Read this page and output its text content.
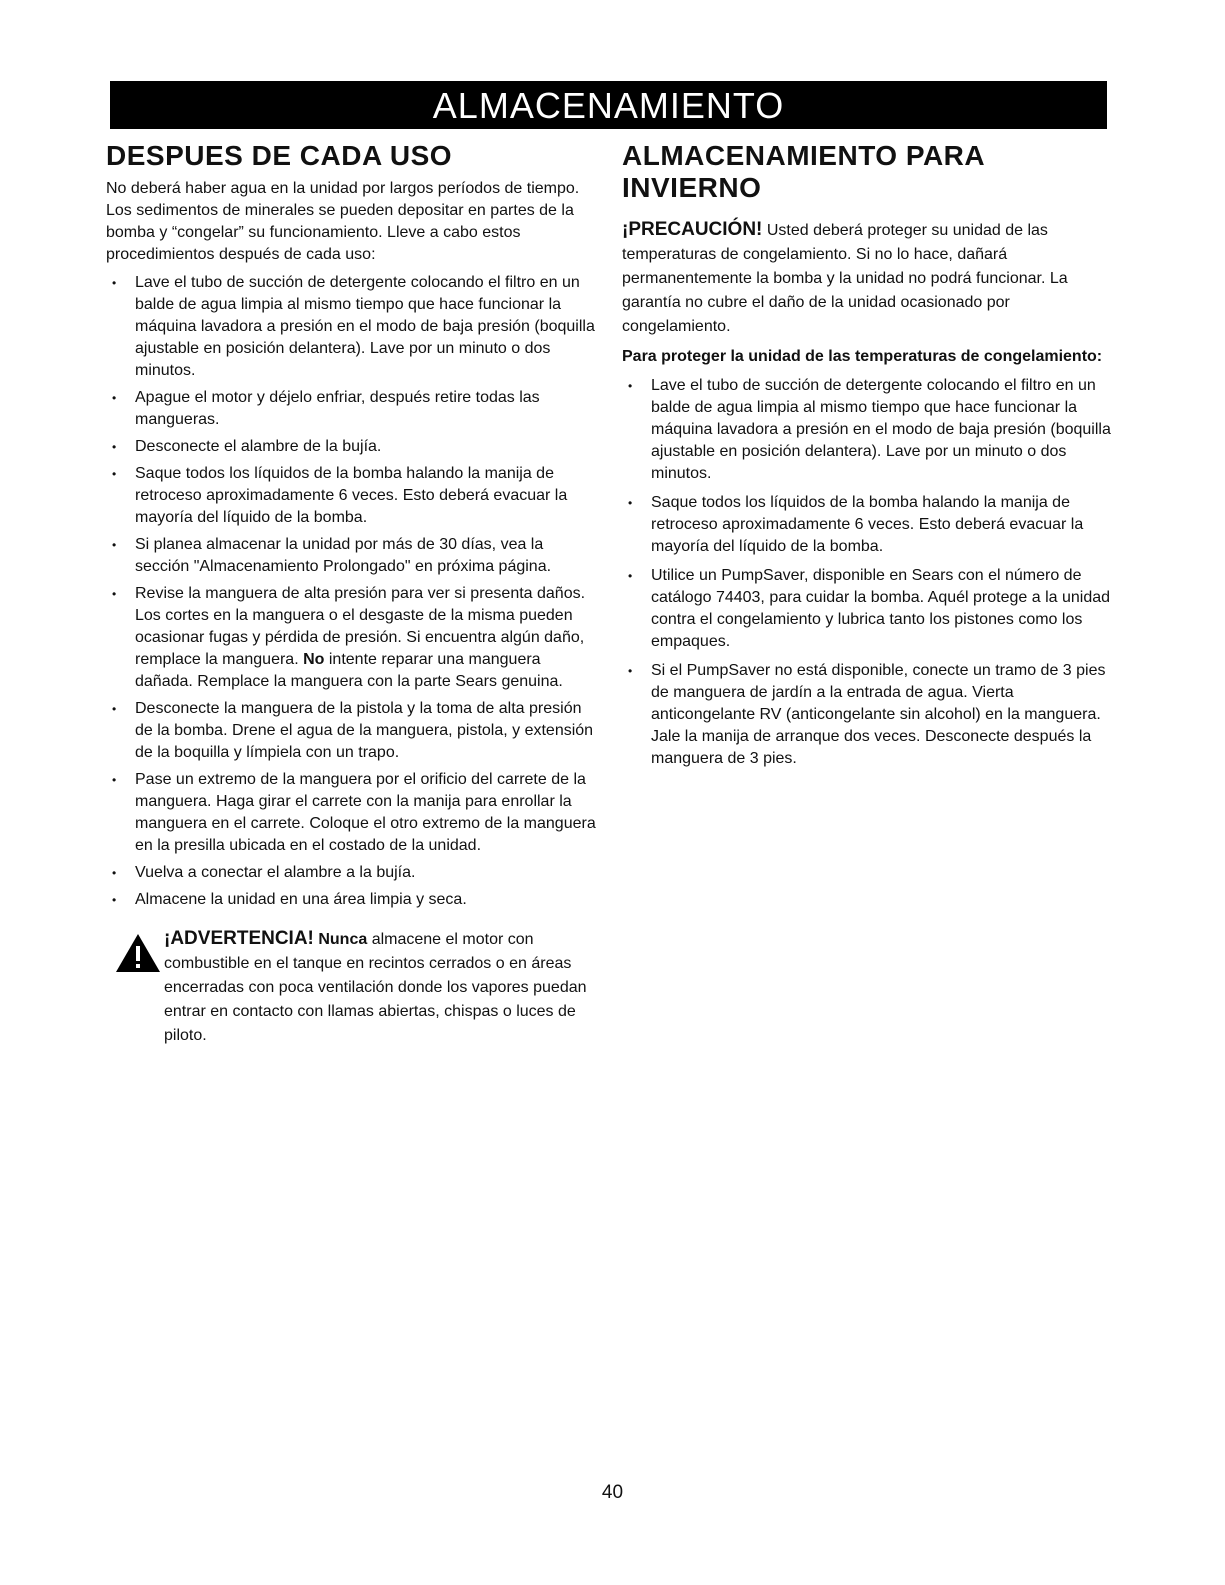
ALMACENAMIENTO
DESPUES DE CADA USO

No deberá haber agua en la unidad por largos períodos de tiempo. Los sedimentos de minerales se pueden depositar en partes de la bomba y “congelar” su funcionamiento. Lleve a cabo estos procedimientos después de cada uso:

• Lave el tubo de succión de detergente colocando el filtro en un balde de agua limpia al mismo tiempo que hace funcionar la máquina lavadora a presión en el modo de baja presión (boquilla ajustable en posición delantera). Lave por un minuto o dos minutos.
• Apague el motor y déjelo enfriar, después retire todas las mangueras.
• Desconecte el alambre de la bujía.
• Saque todos los líquidos de la bomba halando la manija de retroceso aproximadamente 6 veces. Esto deberá evacuar la mayoría del líquido de la bomba.
• Si planea almacenar la unidad por más de 30 días, vea la sección "Almacenamiento Prolongado" en próxima página.
• Revise la manguera de alta presión para ver si presenta daños. Los cortes en la manguera o el desgaste de la misma pueden ocasionar fugas y pérdida de presión. Si encuentra algún daño, remplace la manguera. No intente reparar una manguera dañada. Remplace la manguera con la parte Sears genuina.
• Desconecte la manguera de la pistola y la toma de alta presión de la bomba. Drene el agua de la manguera, pistola, y extensión de la boquilla y límpiela con un trapo.
• Pase un extremo de la manguera por el orificio del carrete de la manguera. Haga girar el carrete con la manija para enrollar la manguera en el carrete. Coloque el otro extremo de la manguera en la presilla ubicada en el costado de la unidad.
• Vuelva a conectar el alambre a la bujía.
• Almacene la unidad en una área limpia y seca.
¡ADVERTENCIA! Nunca almacene el motor con combustible en el tanque en recintos cerrados o en áreas encerradas con poca ventilación donde los vapores puedan entrar en contacto con llamas abiertas, chispas o luces de piloto.
ALMACENAMIENTO PARA
INVIERNO

¡PRECAUCIÓN! Usted deberá proteger su unidad de las temperaturas de congelamiento. Si no lo hace, dañará permanentemente la bomba y la unidad no podrá funcionar. La garantía no cubre el daño de la unidad ocasionado por congelamiento.

Para proteger la unidad de las temperaturas de congelamiento:

• Lave el tubo de succión de detergente colocando el filtro en un balde de agua limpia al mismo tiempo que hace funcionar la máquina lavadora a presión en el modo de baja presión (boquilla ajustable en posición delantera). Lave por un minuto o dos minutos.
• Saque todos los líquidos de la bomba halando la manija de retroceso aproximadamente 6 veces. Esto deberá evacuar la mayoría del líquido de la bomba.
• Utilice un PumpSaver, disponible en Sears con el número de catálogo 74403, para cuidar la bomba. Aquél protege a la unidad contra el congelamiento y lubrica tanto los pistones como los empaques.
• Si el PumpSaver no está disponible, conecte un tramo de 3 pies de manguera de jardín a la entrada de agua. Vierta anticongelante RV (anticongelante sin alcohol) en la manguera. Jale la manija de arranque dos veces. Desconecte después la manguera de 3 pies.
40
